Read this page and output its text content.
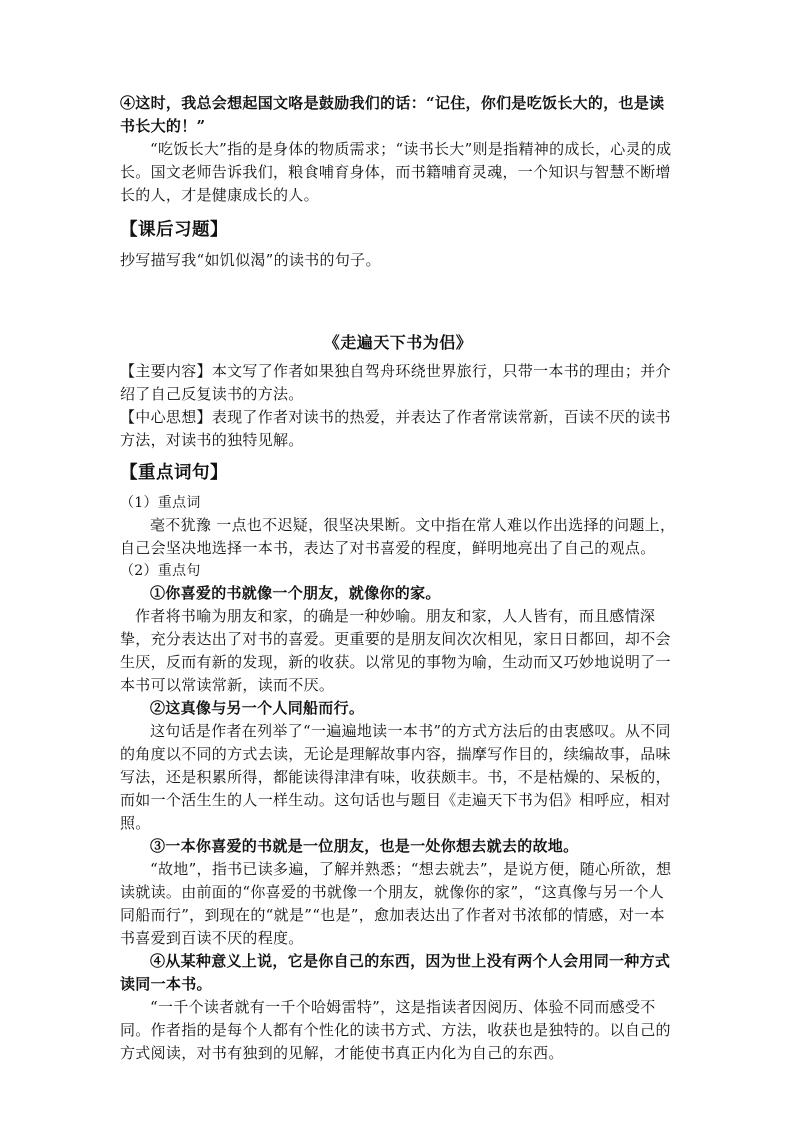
④这时，我总会想起国文咯是鼓励我们的话：“记住，你们是吃饭长大的，也是读书长大的！”

“吃饭长大”指的是身体的物质需求；“读书长大”则是指精神的成长，心灵的成长。国文老师告诉我们，粮食哺育身体，而书籍哺育灵魂，一个知识与智慧不断增长的人，才是健康成长的人。

【课后习题】

抄写描写我“如饥似渴”的读书的句子。

《走遍天下书为侣》

【主要内容】本文写了作者如果独自驾舟环绕世界旅行，只带一本书的理由；并介绍了自己反复读书的方法。

【中心思想】表现了作者对读书的热爱，并表达了作者常读常新，百读不厌的读书方法，对读书的独特见解。

【重点词句】

（1）重点词

毫不犹豫 一点也不迟疑，很坚决果断。文中指在常人难以作出选择的问题上，自己会坚决地选择一本书，表达了对书喜爱的程度，鲜明地亮出了自己的观点。

（2）重点句

①你喜爱的书就像一个朋友，就像你的家。

作者将书喻为朋友和家，的确是一种妙喻。朋友和家，人人皆有，而且感情深挚，充分表达出了对书的喜爱。更重要的是朋友间次次相见，家日日都回，却不会生厌，反而有新的发现，新的收获。以常见的事物为喻，生动而又巧妙地说明了一本书可以常读常新，读而不厌。

②这真像与另一个人同船而行。

这句话是作者在列举了“一遍遍地读一本书”的方式方法后的由衷感叹。从不同的角度以不同的方式去读，无论是理解故事内容，揣摩写作目的，续编故事，品味写法，还是积累所得，都能读得津津有味，收获颇丰。书，不是枯燥的、呆板的，而如一个活生生的人一样生动。这句话也与题目《走遍天下书为侣》相呼应，相对照。

③一本你喜爱的书就是一位朋友，也是一处你想去就去的故地。

“故地”，指书已读多遍，了解并熟悉；“想去就去”，是说方便，随心所欲，想读就读。由前面的“你喜爱的书就像一个朋友，就像你的家”，“这真像与另一个人同船而行”，到现在的“就是”“也是”，愈加表达出了作者对书浓郁的情感，对一本书喜爱到百读不厌的程度。

④从某种意义上说，它是你自己的东西，因为世上没有两个人会用同一种方式读同一本书。

“一千个读者就有一千个哈姆雷特”，这是指读者因阅历、体验不同而感受不同。作者指的是每个人都有个性化的读书方式、方法，收获也是独特的。以自己的方式阅读，对书有独到的见解，才能使书真正内化为自己的东西。
